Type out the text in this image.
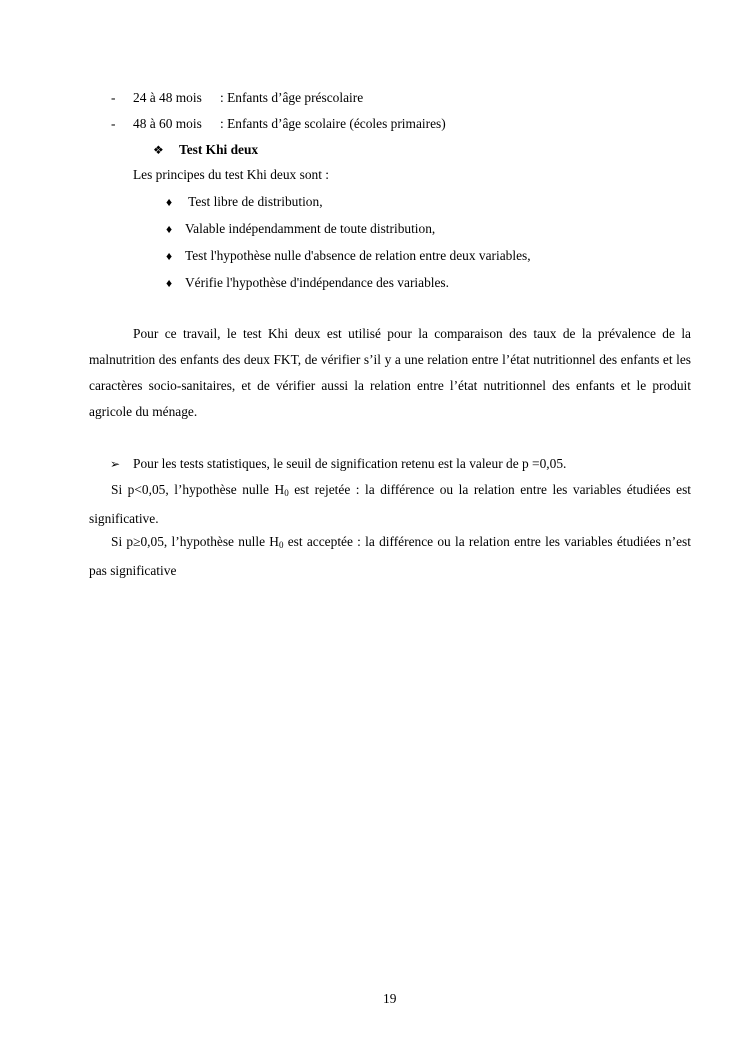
- 24 à 48 mois : Enfants d’âge préscolaire
- 48 à 60 mois : Enfants d’âge scolaire (écoles primaires)
❖ Test Khi deux
Les principes du test Khi deux sont :
♦ Test libre de distribution,
♦ Valable indépendamment de toute distribution,
♦ Test l'hypothèse nulle d'absence de relation entre deux variables,
♦ Vérifie l'hypothèse d'indépendance des variables.
Pour ce travail, le test Khi deux est utilisé pour la comparaison des taux de la prévalence de la malnutrition des enfants des deux FKT, de vérifier s’il y a une relation entre l’état nutritionnel des enfants et les caractères socio-sanitaires, et de vérifier aussi la relation entre l’état nutritionnel des enfants et le produit agricole du ménage.
➢ Pour les tests statistiques, le seuil de signification retenu est la valeur de p =0,05.
Si p<0,05, l’hypothèse nulle $H_0$ est rejetée : la différence ou la relation entre les variables étudiées est significative.
Si p≥0,05, l’hypothèse nulle $H_0$ est acceptée : la différence ou la relation entre les variables étudiées n’est pas significative
19
